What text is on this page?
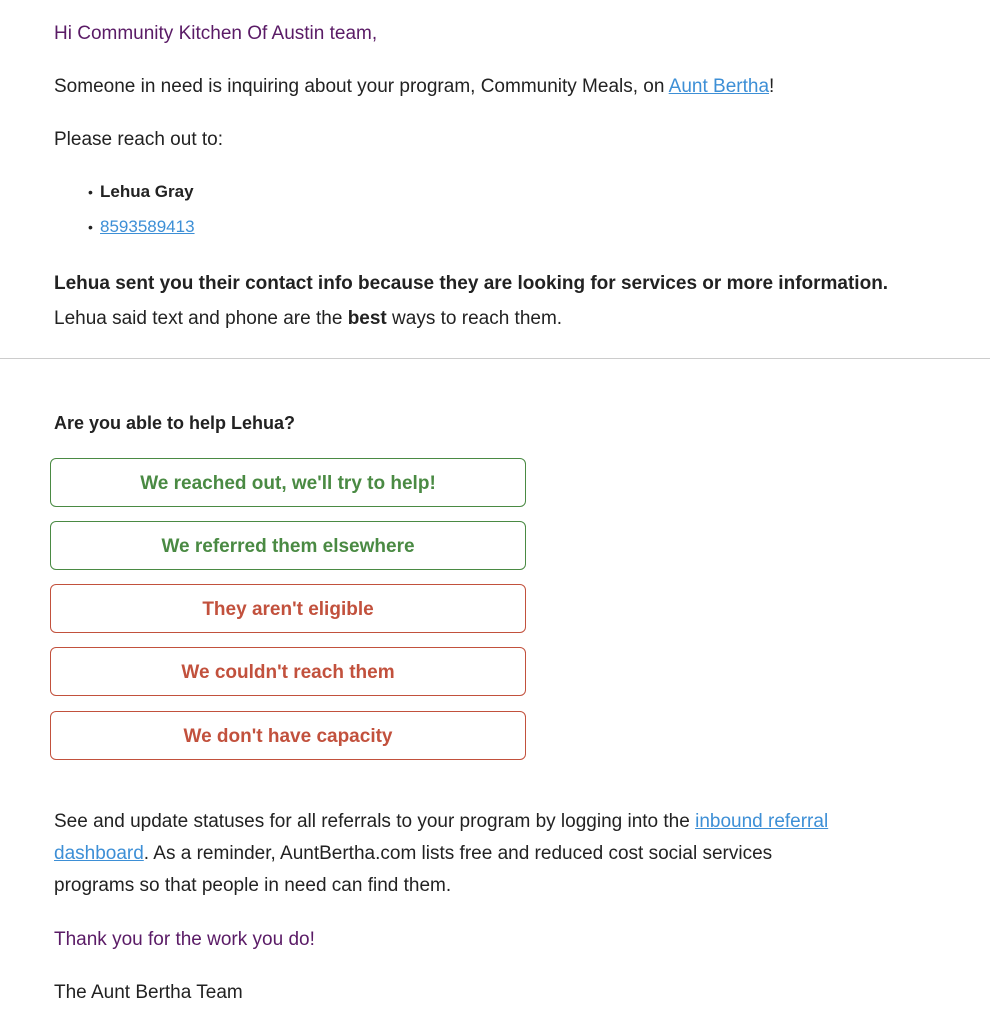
Hi Community Kitchen Of Austin team,

Someone in need is inquiring about your program, Community Meals, on Aunt Bertha!

Please reach out to:

• Lehua Gray
• 8593589413

Lehua sent you their contact info because they are looking for services or more information.

Lehua said text and phone are the best ways to reach them.

Are you able to help Lehua?

We reached out, we'll try to help!
We referred them elsewhere
They aren't eligible
We couldn't reach them
We don't have capacity

See and update statuses for all referrals to your program by logging into the inbound referral

dashboard. As a reminder, AuntBertha.com lists free and reduced cost social services

programs so that people in need can find them.

Thank you for the work you do!

The Aunt Bertha Team
